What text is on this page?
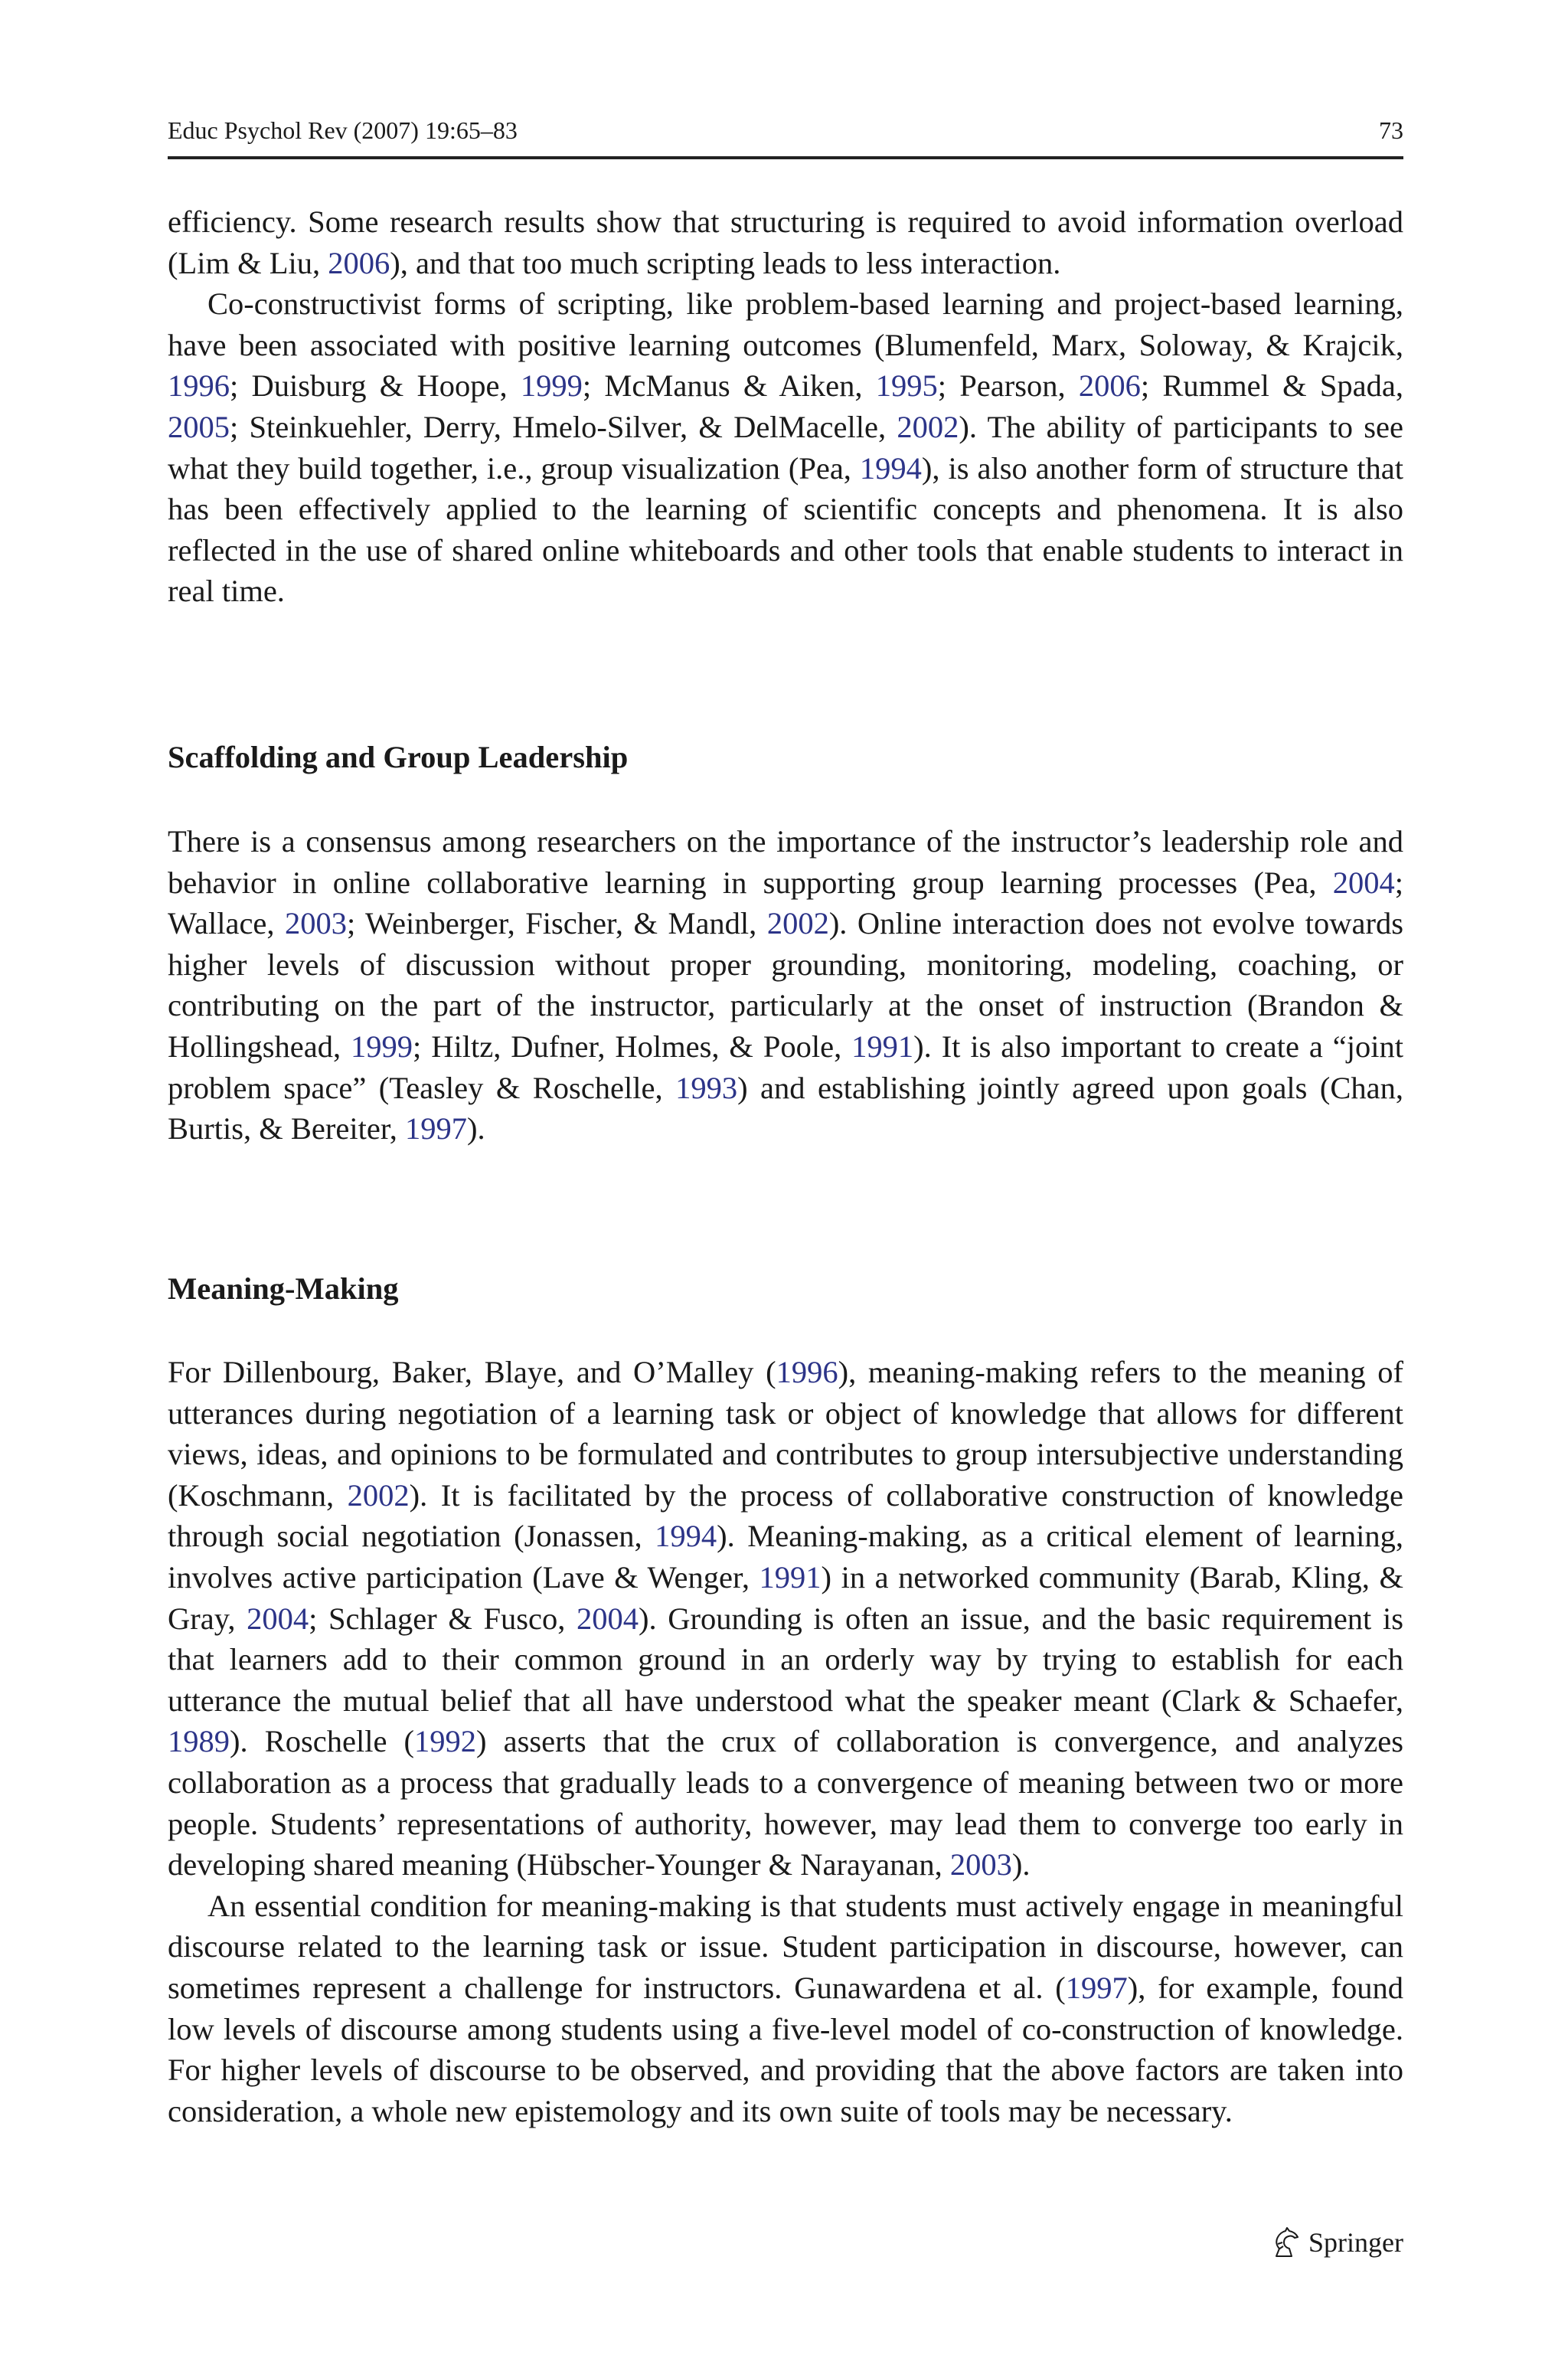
Educ Psychol Rev (2007) 19:65–83	73

efficiency. Some research results show that structuring is required to avoid information overload (Lim & Liu, 2006), and that too much scripting leads to less interaction.

Co-constructivist forms of scripting, like problem-based learning and project-based learning, have been associated with positive learning outcomes (Blumenfeld, Marx, Soloway, & Krajcik, 1996; Duisburg & Hoope, 1999; McManus & Aiken, 1995; Pearson, 2006; Rummel & Spada, 2005; Steinkuehler, Derry, Hmelo-Silver, & DelMacelle, 2002). The ability of participants to see what they build together, i.e., group visualization (Pea, 1994), is also another form of structure that has been effectively applied to the learning of scientific concepts and phenomena. It is also reflected in the use of shared online whiteboards and other tools that enable students to interact in real time.

Scaffolding and Group Leadership

There is a consensus among researchers on the importance of the instructor’s leadership role and behavior in online collaborative learning in supporting group learning processes (Pea, 2004; Wallace, 2003; Weinberger, Fischer, & Mandl, 2002). Online interaction does not evolve towards higher levels of discussion without proper grounding, monitoring, modeling, coaching, or contributing on the part of the instructor, particularly at the onset of instruction (Brandon & Hollingshead, 1999; Hiltz, Dufner, Holmes, & Poole, 1991). It is also important to create a “joint problem space” (Teasley & Roschelle, 1993) and establishing jointly agreed upon goals (Chan, Burtis, & Bereiter, 1997).

Meaning-Making

For Dillenbourg, Baker, Blaye, and O’Malley (1996), meaning-making refers to the meaning of utterances during negotiation of a learning task or object of knowledge that allows for different views, ideas, and opinions to be formulated and contributes to group intersubjective understanding (Koschmann, 2002). It is facilitated by the process of collaborative construction of knowledge through social negotiation (Jonassen, 1994). Meaning-making, as a critical element of learning, involves active participation (Lave & Wenger, 1991) in a networked community (Barab, Kling, & Gray, 2004; Schlager & Fusco, 2004). Grounding is often an issue, and the basic requirement is that learners add to their common ground in an orderly way by trying to establish for each utterance the mutual belief that all have understood what the speaker meant (Clark & Schaefer, 1989). Roschelle (1992) asserts that the crux of collaboration is convergence, and analyzes collaboration as a process that gradually leads to a convergence of meaning between two or more people. Students’ representations of authority, however, may lead them to converge too early in developing shared meaning (Hübscher-Younger & Narayanan, 2003).

An essential condition for meaning-making is that students must actively engage in meaningful discourse related to the learning task or issue. Student participation in discourse, however, can sometimes represent a challenge for instructors. Gunawardena et al. (1997), for example, found low levels of discourse among students using a five-level model of co-construction of knowledge. For higher levels of discourse to be observed, and providing that the above factors are taken into consideration, a whole new epistemology and its own suite of tools may be necessary.

Springer
